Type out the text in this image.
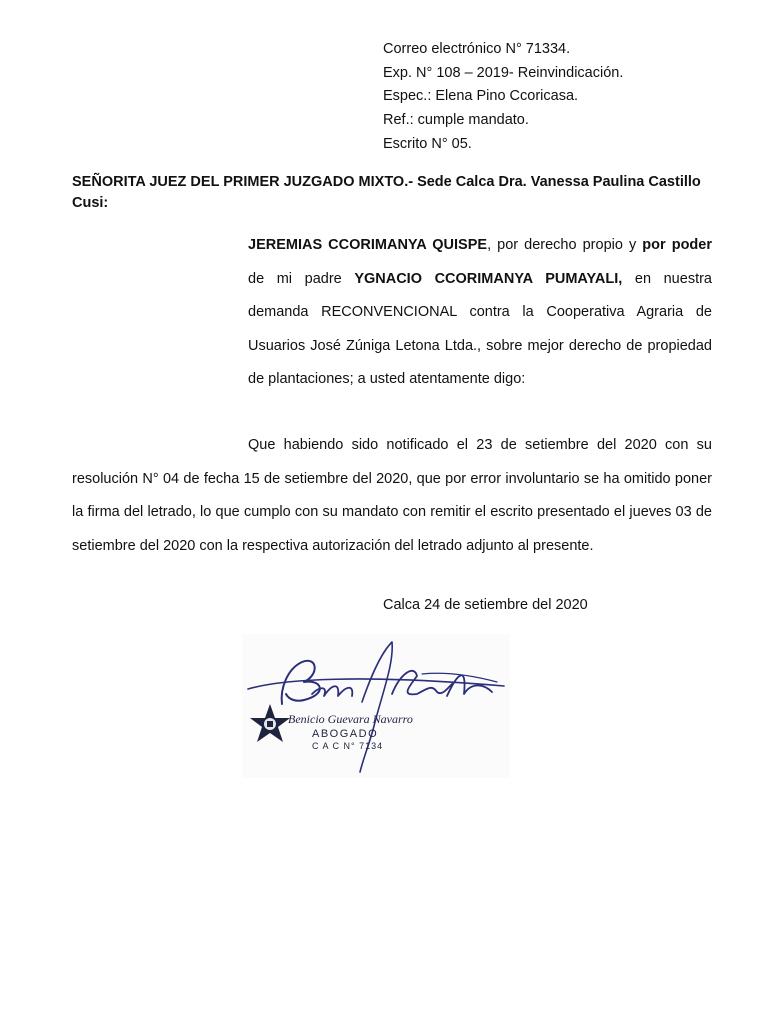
Correo electrónico N° 71334.
Exp. N° 108 – 2019- Reinvindicación.
Espec.: Elena Pino Ccoricasa.
Ref.: cumple mandato.
Escrito N° 05.
SEÑORITA JUEZ DEL PRIMER JUZGADO MIXTO.- Sede Calca Dra. Vanessa Paulina Castillo Cusi:
JEREMIAS CCORIMANYA QUISPE, por derecho propio y por poder de mi padre YGNACIO CCORIMANYA PUMAYALI, en nuestra demanda RECONVENCIONAL contra la Cooperativa Agraria de Usuarios José Zúniga Letona Ltda., sobre mejor derecho de propiedad de plantaciones; a usted atentamente digo:
Que habiendo sido notificado el 23 de setiembre del 2020 con su resolución N° 04 de fecha 15 de setiembre del 2020, que por error involuntario se ha omitido poner la firma del letrado, lo que cumplo con su mandato con remitir el escrito presentado el jueves 03 de setiembre del 2020 con la respectiva autorización del letrado adjunto al presente.
Calca 24 de setiembre del 2020
Benicio Guevara Navarro
ABOGADO
C A C N° 7134
